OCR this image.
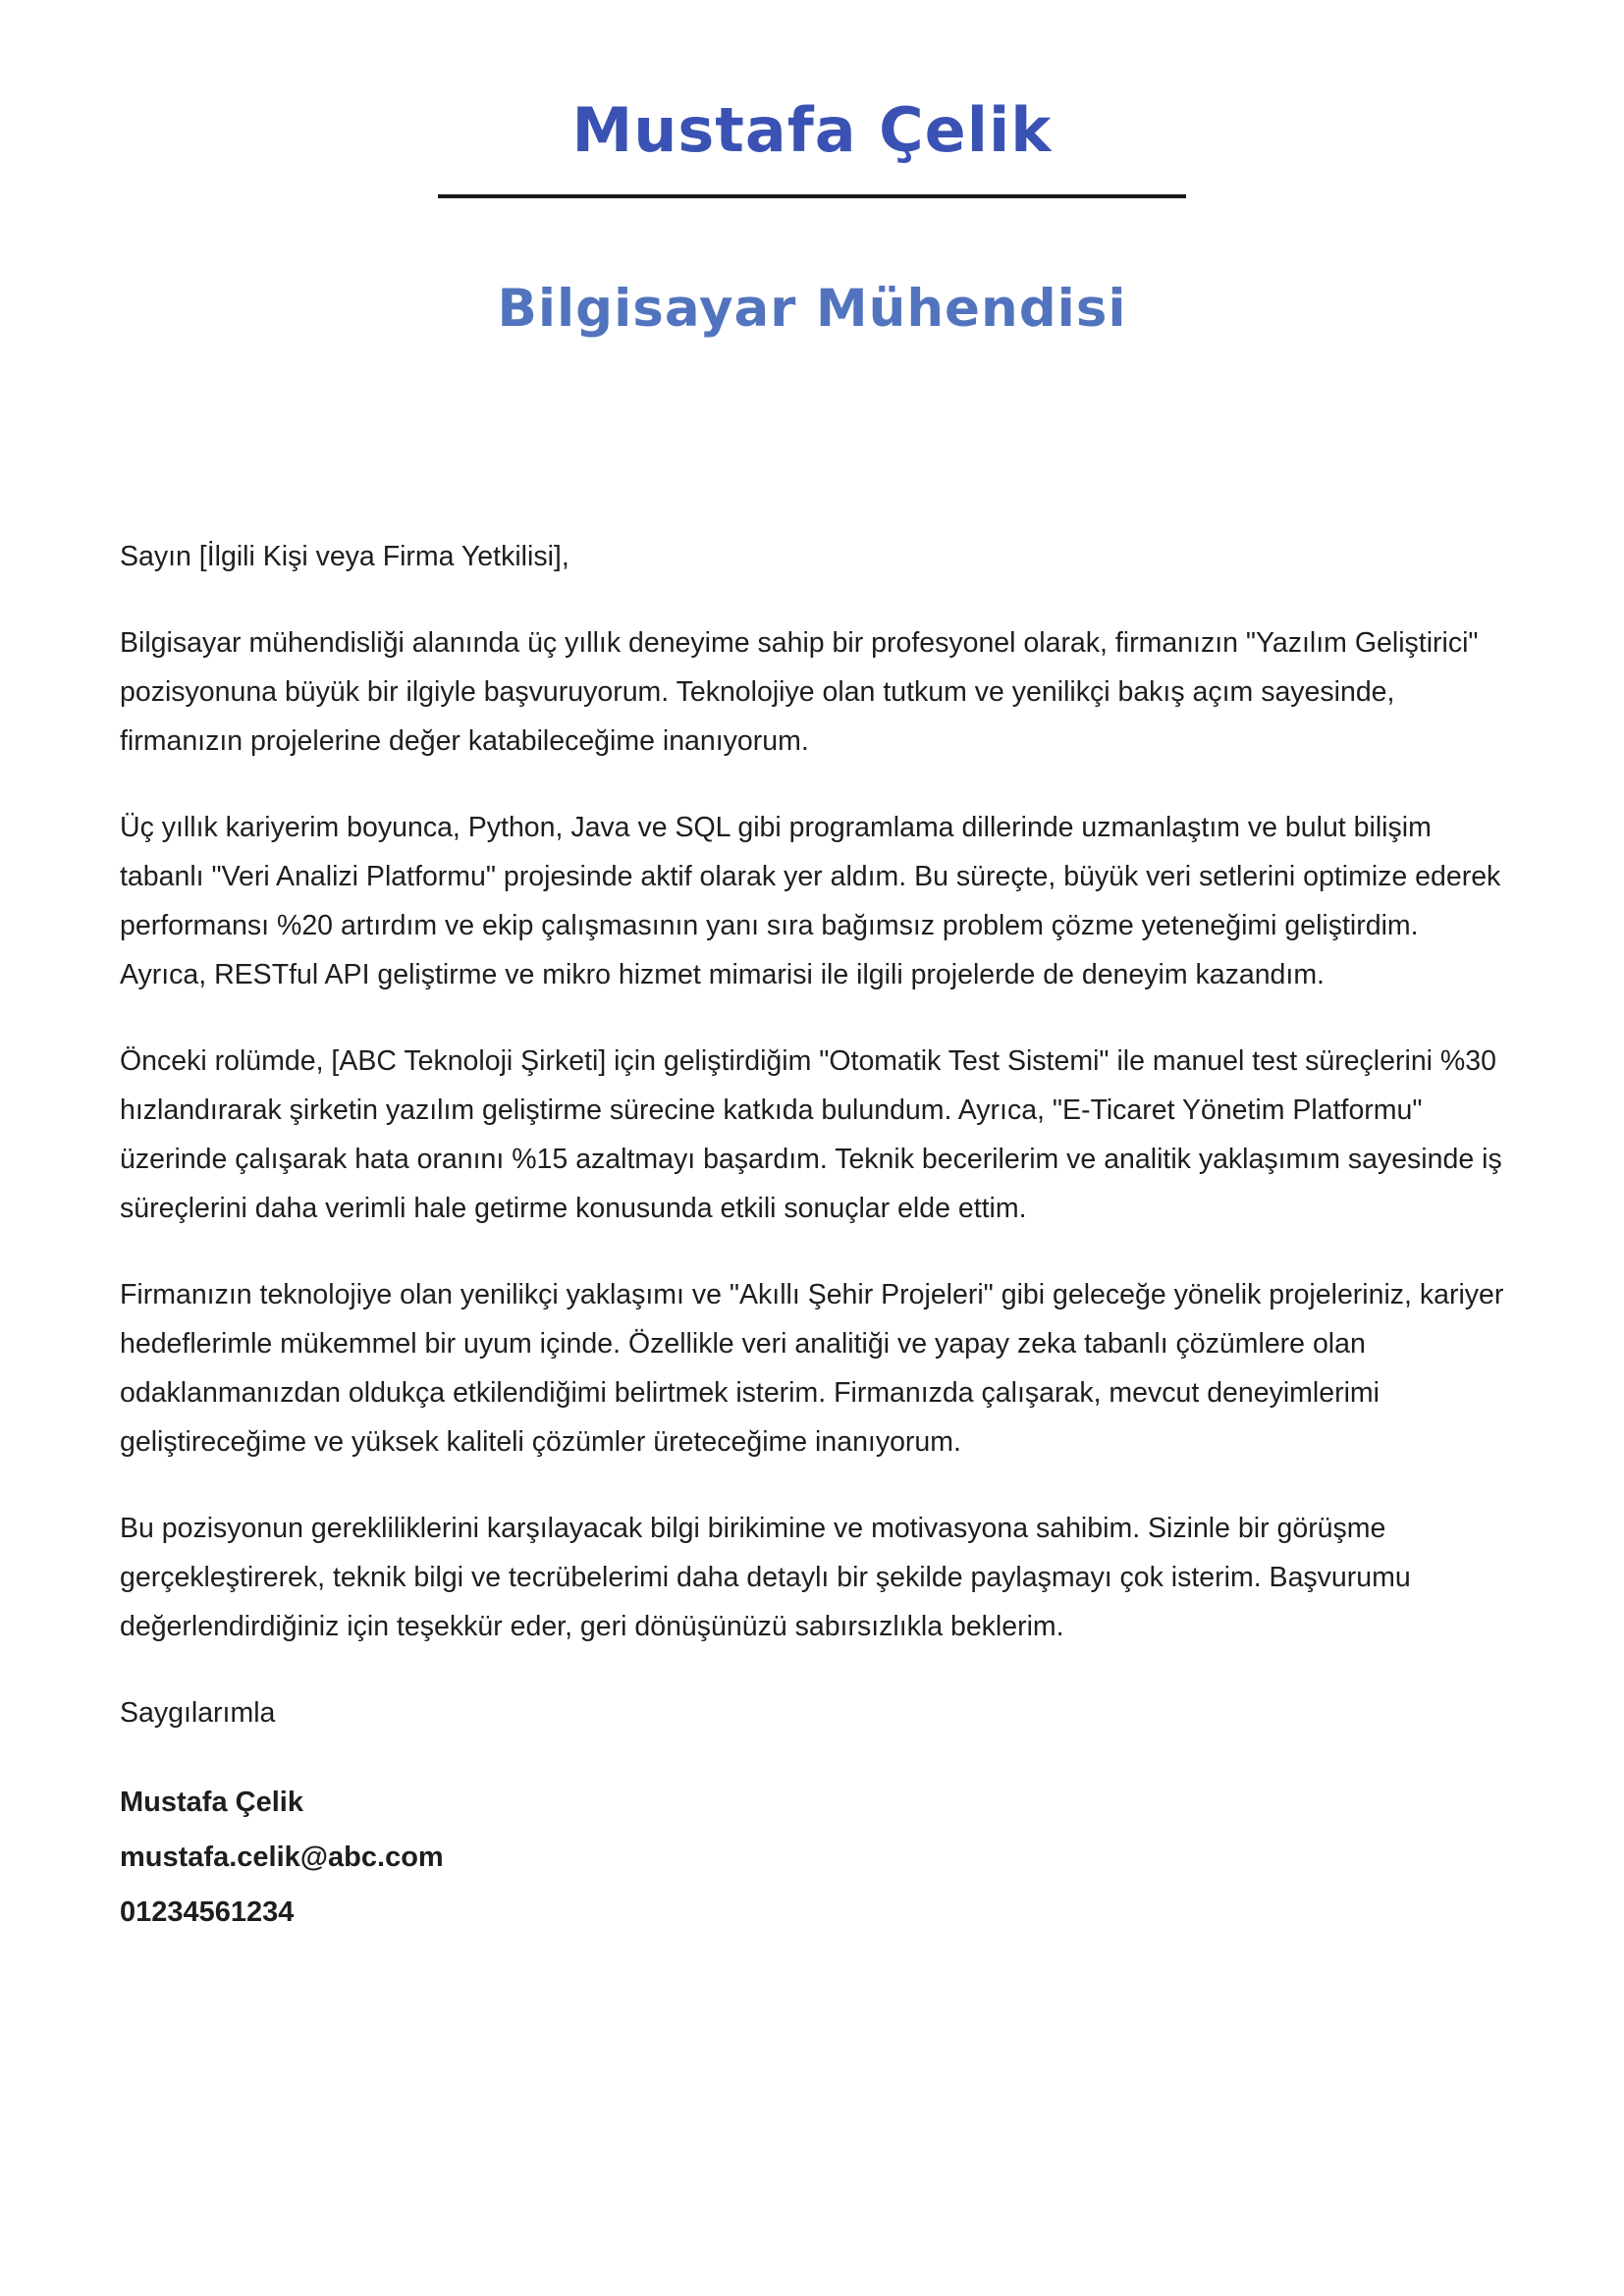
Mustafa Çelik
Bilgisayar Mühendisi

Sayın [İlgili Kişi veya Firma Yetkilisi],

Bilgisayar mühendisliği alanında üç yıllık deneyime sahip bir profesyonel olarak, firmanızın "Yazılım Geliştirici" pozisyonuna büyük bir ilgiyle başvuruyorum. Teknolojiye olan tutkum ve yenilikçi bakış açım sayesinde, firmanızın projelerine değer katabileceğime inanıyorum.

Üç yıllık kariyerim boyunca, Python, Java ve SQL gibi programlama dillerinde uzmanlaştım ve bulut bilişim tabanlı "Veri Analizi Platformu" projesinde aktif olarak yer aldım. Bu süreçte, büyük veri setlerini optimize ederek performansı %20 artırdım ve ekip çalışmasının yanı sıra bağımsız problem çözme yeteneğimi geliştirdim. Ayrıca, RESTful API geliştirme ve mikro hizmet mimarisi ile ilgili projelerde de deneyim kazandım.

Önceki rolümde, [ABC Teknoloji Şirketi] için geliştirdiğim "Otomatik Test Sistemi" ile manuel test süreçlerini %30 hızlandırarak şirketin yazılım geliştirme sürecine katkıda bulundum. Ayrıca, "E-Ticaret Yönetim Platformu" üzerinde çalışarak hata oranını %15 azaltmayı başardım. Teknik becerilerim ve analitik yaklaşımım sayesinde iş süreçlerini daha verimli hale getirme konusunda etkili sonuçlar elde ettim.

Firmanızın teknolojiye olan yenilikçi yaklaşımı ve "Akıllı Şehir Projeleri" gibi geleceğe yönelik projeleriniz, kariyer hedeflerimle mükemmel bir uyum içinde. Özellikle veri analitiği ve yapay zeka tabanlı çözümlere olan odaklanmanızdan oldukça etkilendiğimi belirtmek isterim. Firmanızda çalışarak, mevcut deneyimlerimi geliştireceğime ve yüksek kaliteli çözümler üreteceğime inanıyorum.

Bu pozisyonun gerekliliklerini karşılayacak bilgi birikimine ve motivasyona sahibim. Sizinle bir görüşme gerçekleştirerek, teknik bilgi ve tecrübelerimi daha detaylı bir şekilde paylaşmayı çok isterim. Başvurumu değerlendirdiğiniz için teşekkür eder, geri dönüşünüzü sabırsızlıkla beklerim.

Saygılarımla

Mustafa Çelik
mustafa.celik@abc.com
01234561234
